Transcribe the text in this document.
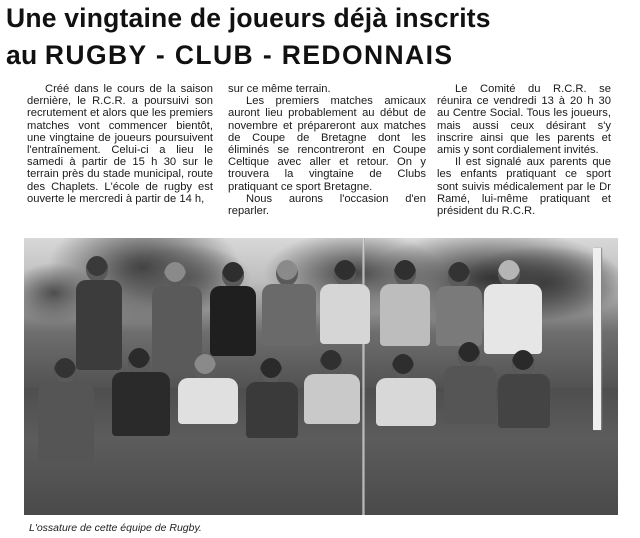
Une vingtaine de joueurs déjà inscrits
au RUGBY - CLUB - REDONNAIS

Créé dans le cours de la saison dernière, le R.C.R. a poursuivi son recrutement et alors que les premiers matches vont commencer bientôt, une vingtaine de joueurs poursuivent l'entraînement. Celui-ci a lieu le samedi à partir de 15 h 30 sur le terrain près du stade municipal, route des Chaplets. L'école de rugby est ouverte le mercredi à partir de 14 h,

sur ce même terrain.

Les premiers matches amicaux auront lieu probablement au début de novembre et prépareront aux matches de Coupe de Bretagne dont les éliminés se rencontreront en Coupe Celtique avec aller et retour. On y trouvera la vingtaine de Clubs pratiquant ce sport Bretagne.

Nous aurons l'occasion d'en reparler.

Le Comité du R.C.R. se réunira ce vendredi 13 à 20 h 30 au Centre Social. Tous les joueurs, mais aussi ceux désirant s'y inscrire ainsi que les parents et amis y sont cordialement invités.

Il est signalé aux parents que les enfants pratiquant ce sport sont suivis médicalement par le Dr Ramé, lui-même pratiquant et président du R.C.R.

L'ossature de cette équipe de Rugby.
